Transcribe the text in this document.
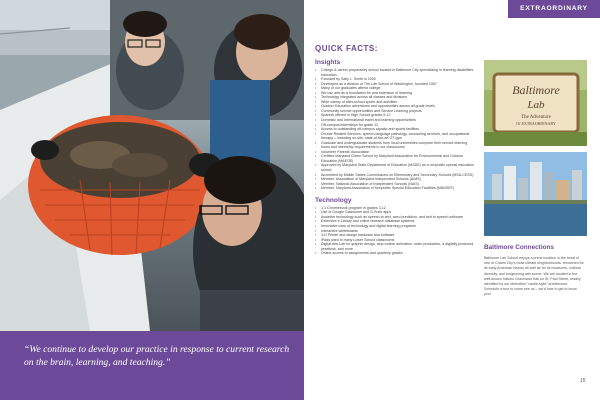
“We continue to develop our practice in response to current research on the brain, learning, and teaching.”

EXTRAORDINARY
QUICK FACTS:
Insights
• College & career-preparatory school located in Baltimore City specializing in learning disabilities education
• Founded by Sally L. Smith in 2000
• Developed as a division of The Lab School of Washington, founded 1967
• Many of our graduates attend college
• We use arts as a foundation for and extension of learning
• Technology integrated across all classes and divisions
• Wide variety of after-school sports and activities
• Outdoor Education adventures and opportunities across all grade levels
• Community service opportunities and Service Learning projects
• Spanish offered in High School grades 9-12
• Domestic and International travel and learning opportunities
• Off-campus internships for grade 12
• Access to outstanding off-campus aquatic and sports facilities
• On-site Related Services: speech-language pathology, counseling services, and occupational therapy – including on-site, state-of-the-art OT gym
• Graduate and undergraduate students from local universities complete their service learning hours and internship requirements in our classrooms
• Volunteer Parents’ Association
• Certified Maryland Green School by Maryland Association for Environmental and Outdoor Education (MAEOE)
• Approved by Maryland State Department of Education (MSDE) as a nonpublic special education school
• Accredited by Middle States Commissions on Elementary and Secondary Schools (MSA-CESS)
• Member, Association of Maryland Independent Schools (AIMS)
• Member, National Association of Independent Schools (NAIS)
• Member, Maryland Association of Nonpublic Special Education Facilities (MANSEF)
Technology
• 1:1 Chromebook program in grades 3-12
• Use of Google Classroom and G-Suite apps
• Assistive technology such as speech-to-text, word prediction, and text to speech software
• Extensive e-Library and online research database systems
• Innovative uses of technology and digital learning programs
• Interactive whiteboards
• 3-D Printer and design hardware and software
• iPads used in many Lower School classrooms
• Digital Arts Lab for graphic design, stop motion animation, video production, a digitally produced yearbook, and more
• Online access to assignments and quarterly grades
Baltimore
Lab
The Adventure
Of EXTRAORDINARY
Baltimore Connections
Baltimore Lab School enjoys a prime location in the heart of one of Charm City’s most vibrant neighborhoods, renowned for its early American history as well as for its museums, cultural diversity, and burgeoning arts scene. We are located in the well-known historic Graceland Hall on St. Paul Street, readily identified by our distinctive “castle-style” architecture. Schedule a tour to come see us – we’d love to get to know you!
15
